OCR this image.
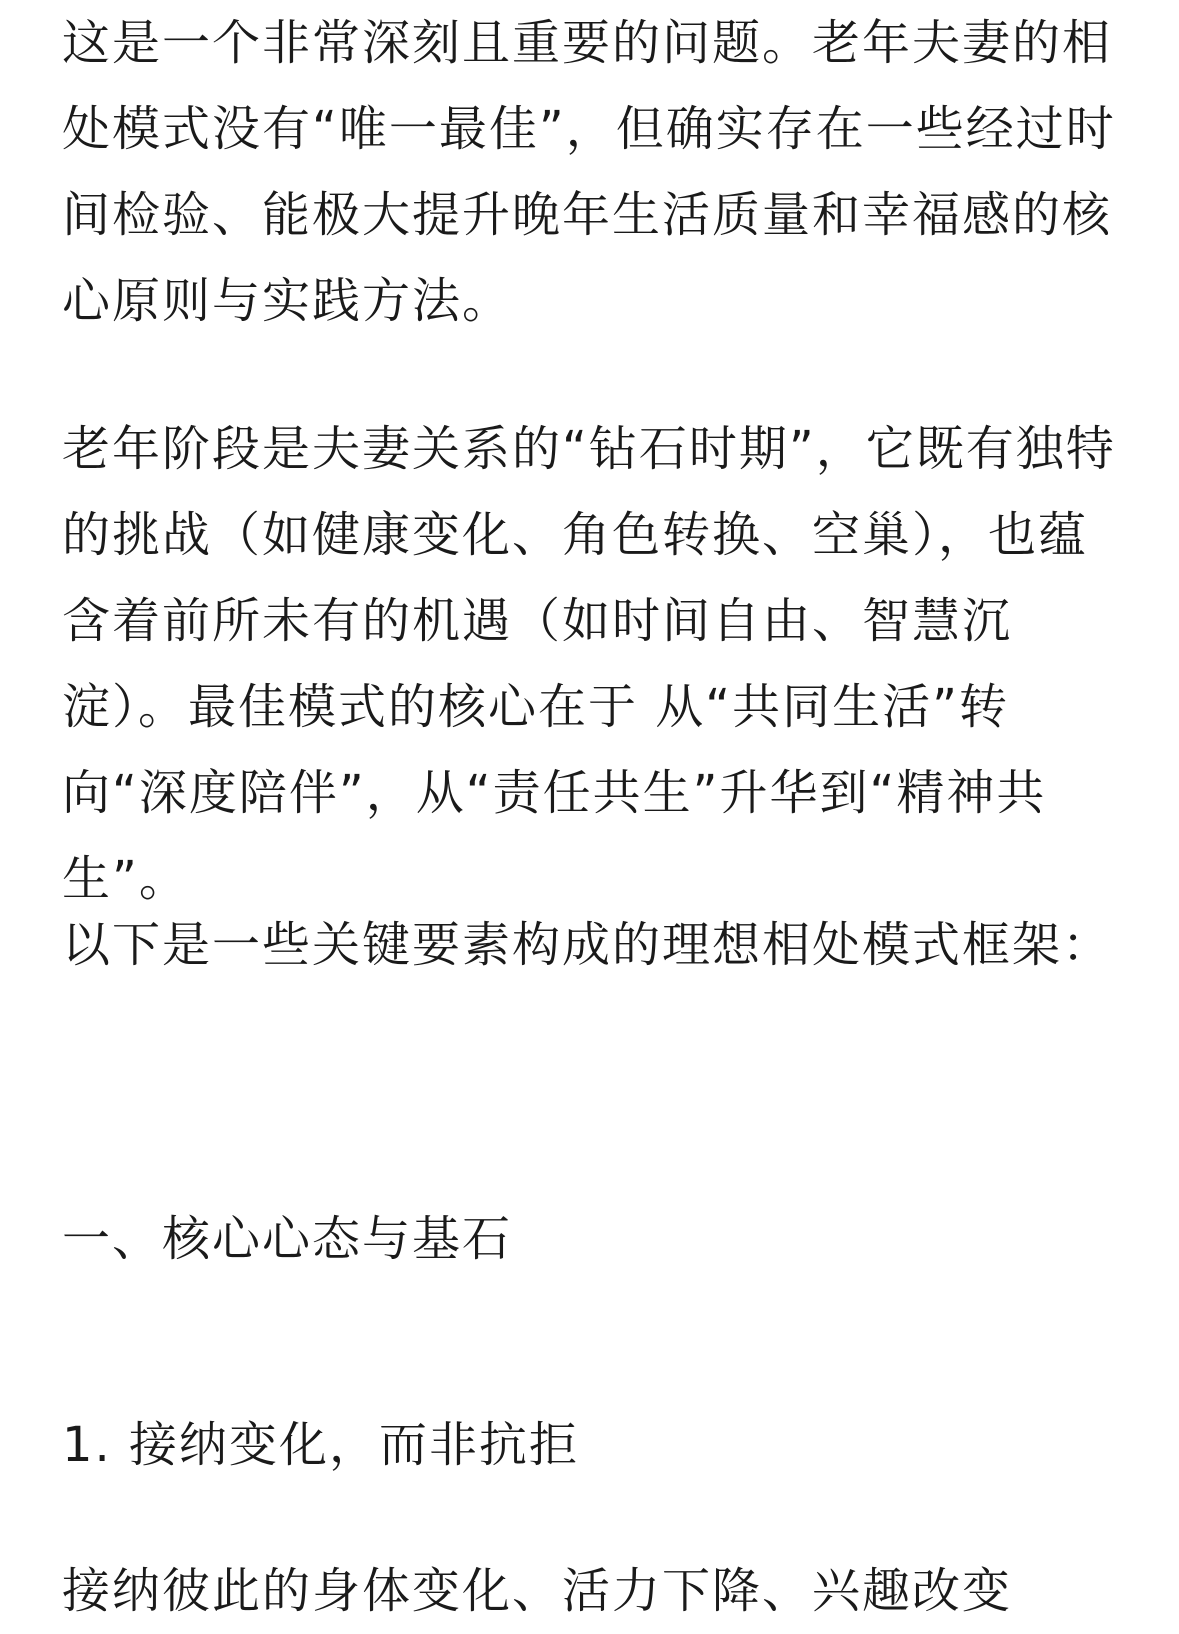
这是一个非常深刻且重要的问题。老年夫妻的相处模式没有“唯一最佳”，但确实存在一些经过时间检验、能极大提升晚年生活质量和幸福感的核心原则与实践方法。

老年阶段是夫妻关系的“钻石时期”，它既有独特的挑战（如健康变化、角色转换、空巢），也蕴含着前所未有的机遇（如时间自由、智慧沉淀）。最佳模式的核心在于 从“共同生活”转向“深度陪伴”，从“责任共生”升华到“精神共生”。

以下是一些关键要素构成的理想相处模式框架：

一、核心心态与基石
1. 接纳变化，而非抗拒

接纳彼此的身体变化、活力下降、兴趣改变
